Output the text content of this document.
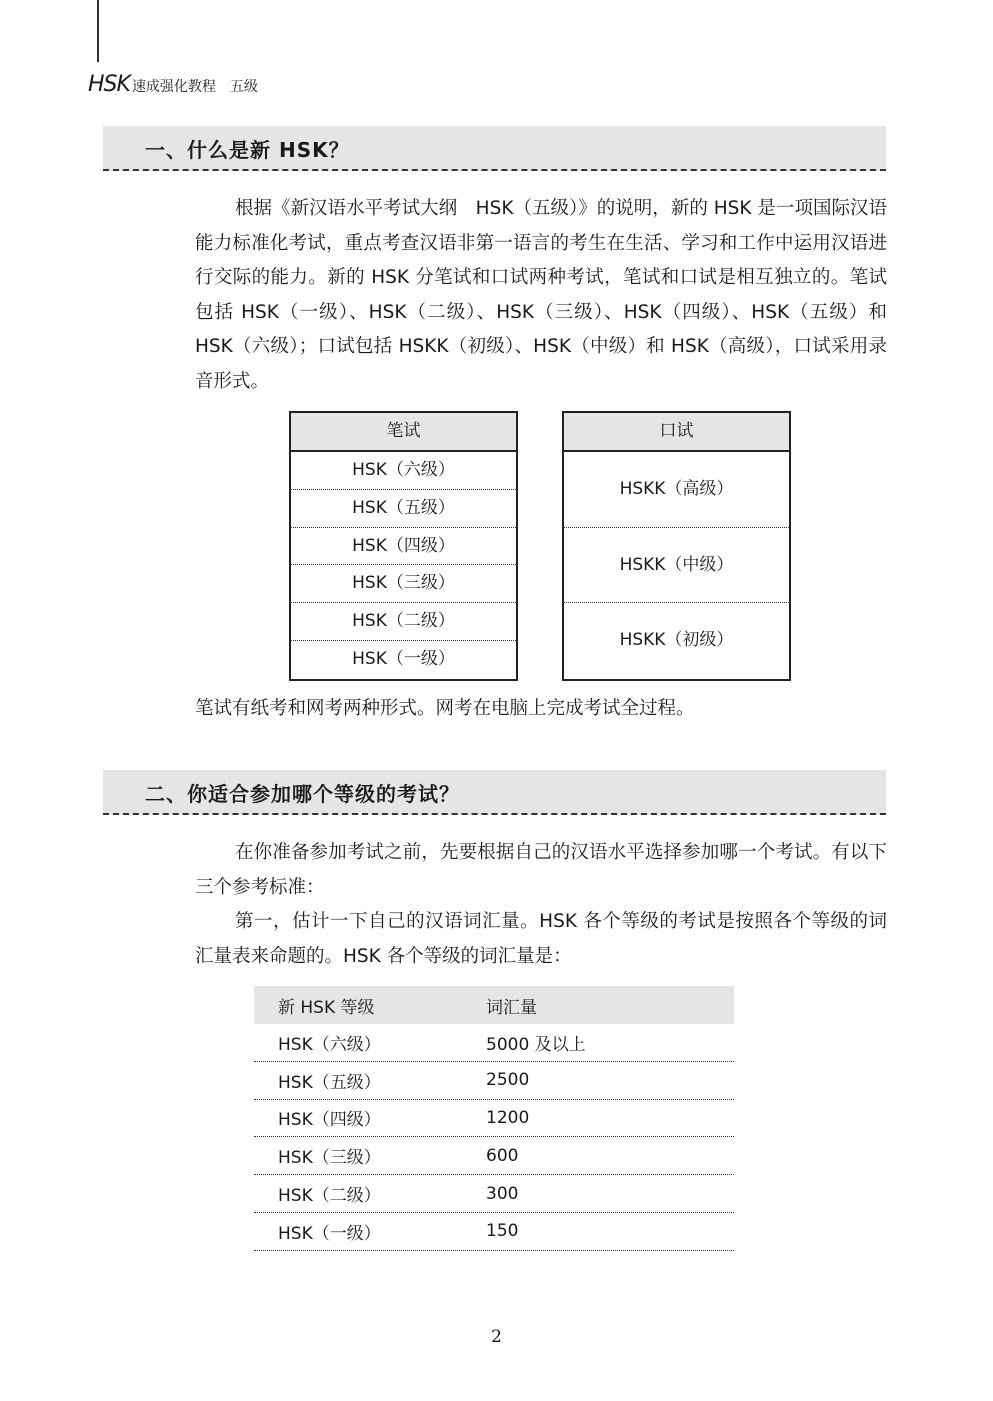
HSK 速成强化教程 五级
一、什么是新 HSK？

根据《新汉语水平考试大纲　HSK（五级）》的说明，新的 HSK 是一项国际汉语能力标准化考试，重点考查汉语非第一语言的考生在生活、学习和工作中运用汉语进行交际的能力。新的 HSK 分笔试和口试两种考试，笔试和口试是相互独立的。笔试包括 HSK（一级）、HSK（二级）、HSK（三级）、HSK（四级）、HSK（五级）和 HSK（六级）；口试包括 HSKK（初级）、HSK（中级）和 HSK（高级），口试采用录音形式。

笔试
HSK（六级）
HSK（五级）
HSK（四级）
HSK（三级）
HSK（二级）
HSK（一级）
口试
HSKK（高级）
HSKK（中级）
HSKK（初级）

笔试有纸考和网考两种形式。网考在电脑上完成考试全过程。

二、你适合参加哪个等级的考试？

在你准备参加考试之前，先要根据自己的汉语水平选择参加哪一个考试。有以下三个参考标准：

第一，估计一下自己的汉语词汇量。HSK 各个等级的考试是按照各个等级的词汇量表来命题的。HSK 各个等级的词汇量是：

新 HSK 等级	词汇量
HSK（六级）	5000 及以上
HSK（五级）	2500
HSK（四级）	1200
HSK（三级）	600
HSK（二级）	300
HSK（一级）	150
2
